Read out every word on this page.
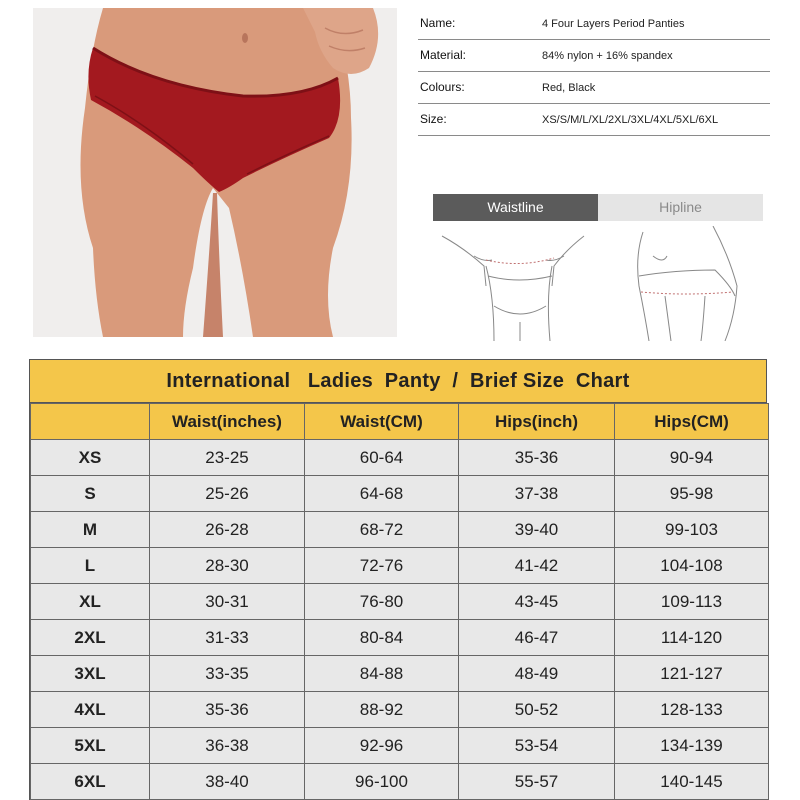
Name:	4 Four Layers Period Panties
Material:	84% nylon + 16% spandex
Colours:	Red, Black
Size:	XS/S/M/L/XL/2XL/3XL/4XL/5XL/6XL
Waistline	Hipline
International   Ladies  Panty  /  Brief Size  Chart
	Waist(inches)	Waist(CM)	Hips(inch)	Hips(CM)
XS	23-25	60-64	35-36	90-94
S	25-26	64-68	37-38	95-98
M	26-28	68-72	39-40	99-103
L	28-30	72-76	41-42	104-108
XL	30-31	76-80	43-45	109-113
2XL	31-33	80-84	46-47	114-120
3XL	33-35	84-88	48-49	121-127
4XL	35-36	88-92	50-52	128-133
5XL	36-38	92-96	53-54	134-139
6XL	38-40	96-100	55-57	140-145
